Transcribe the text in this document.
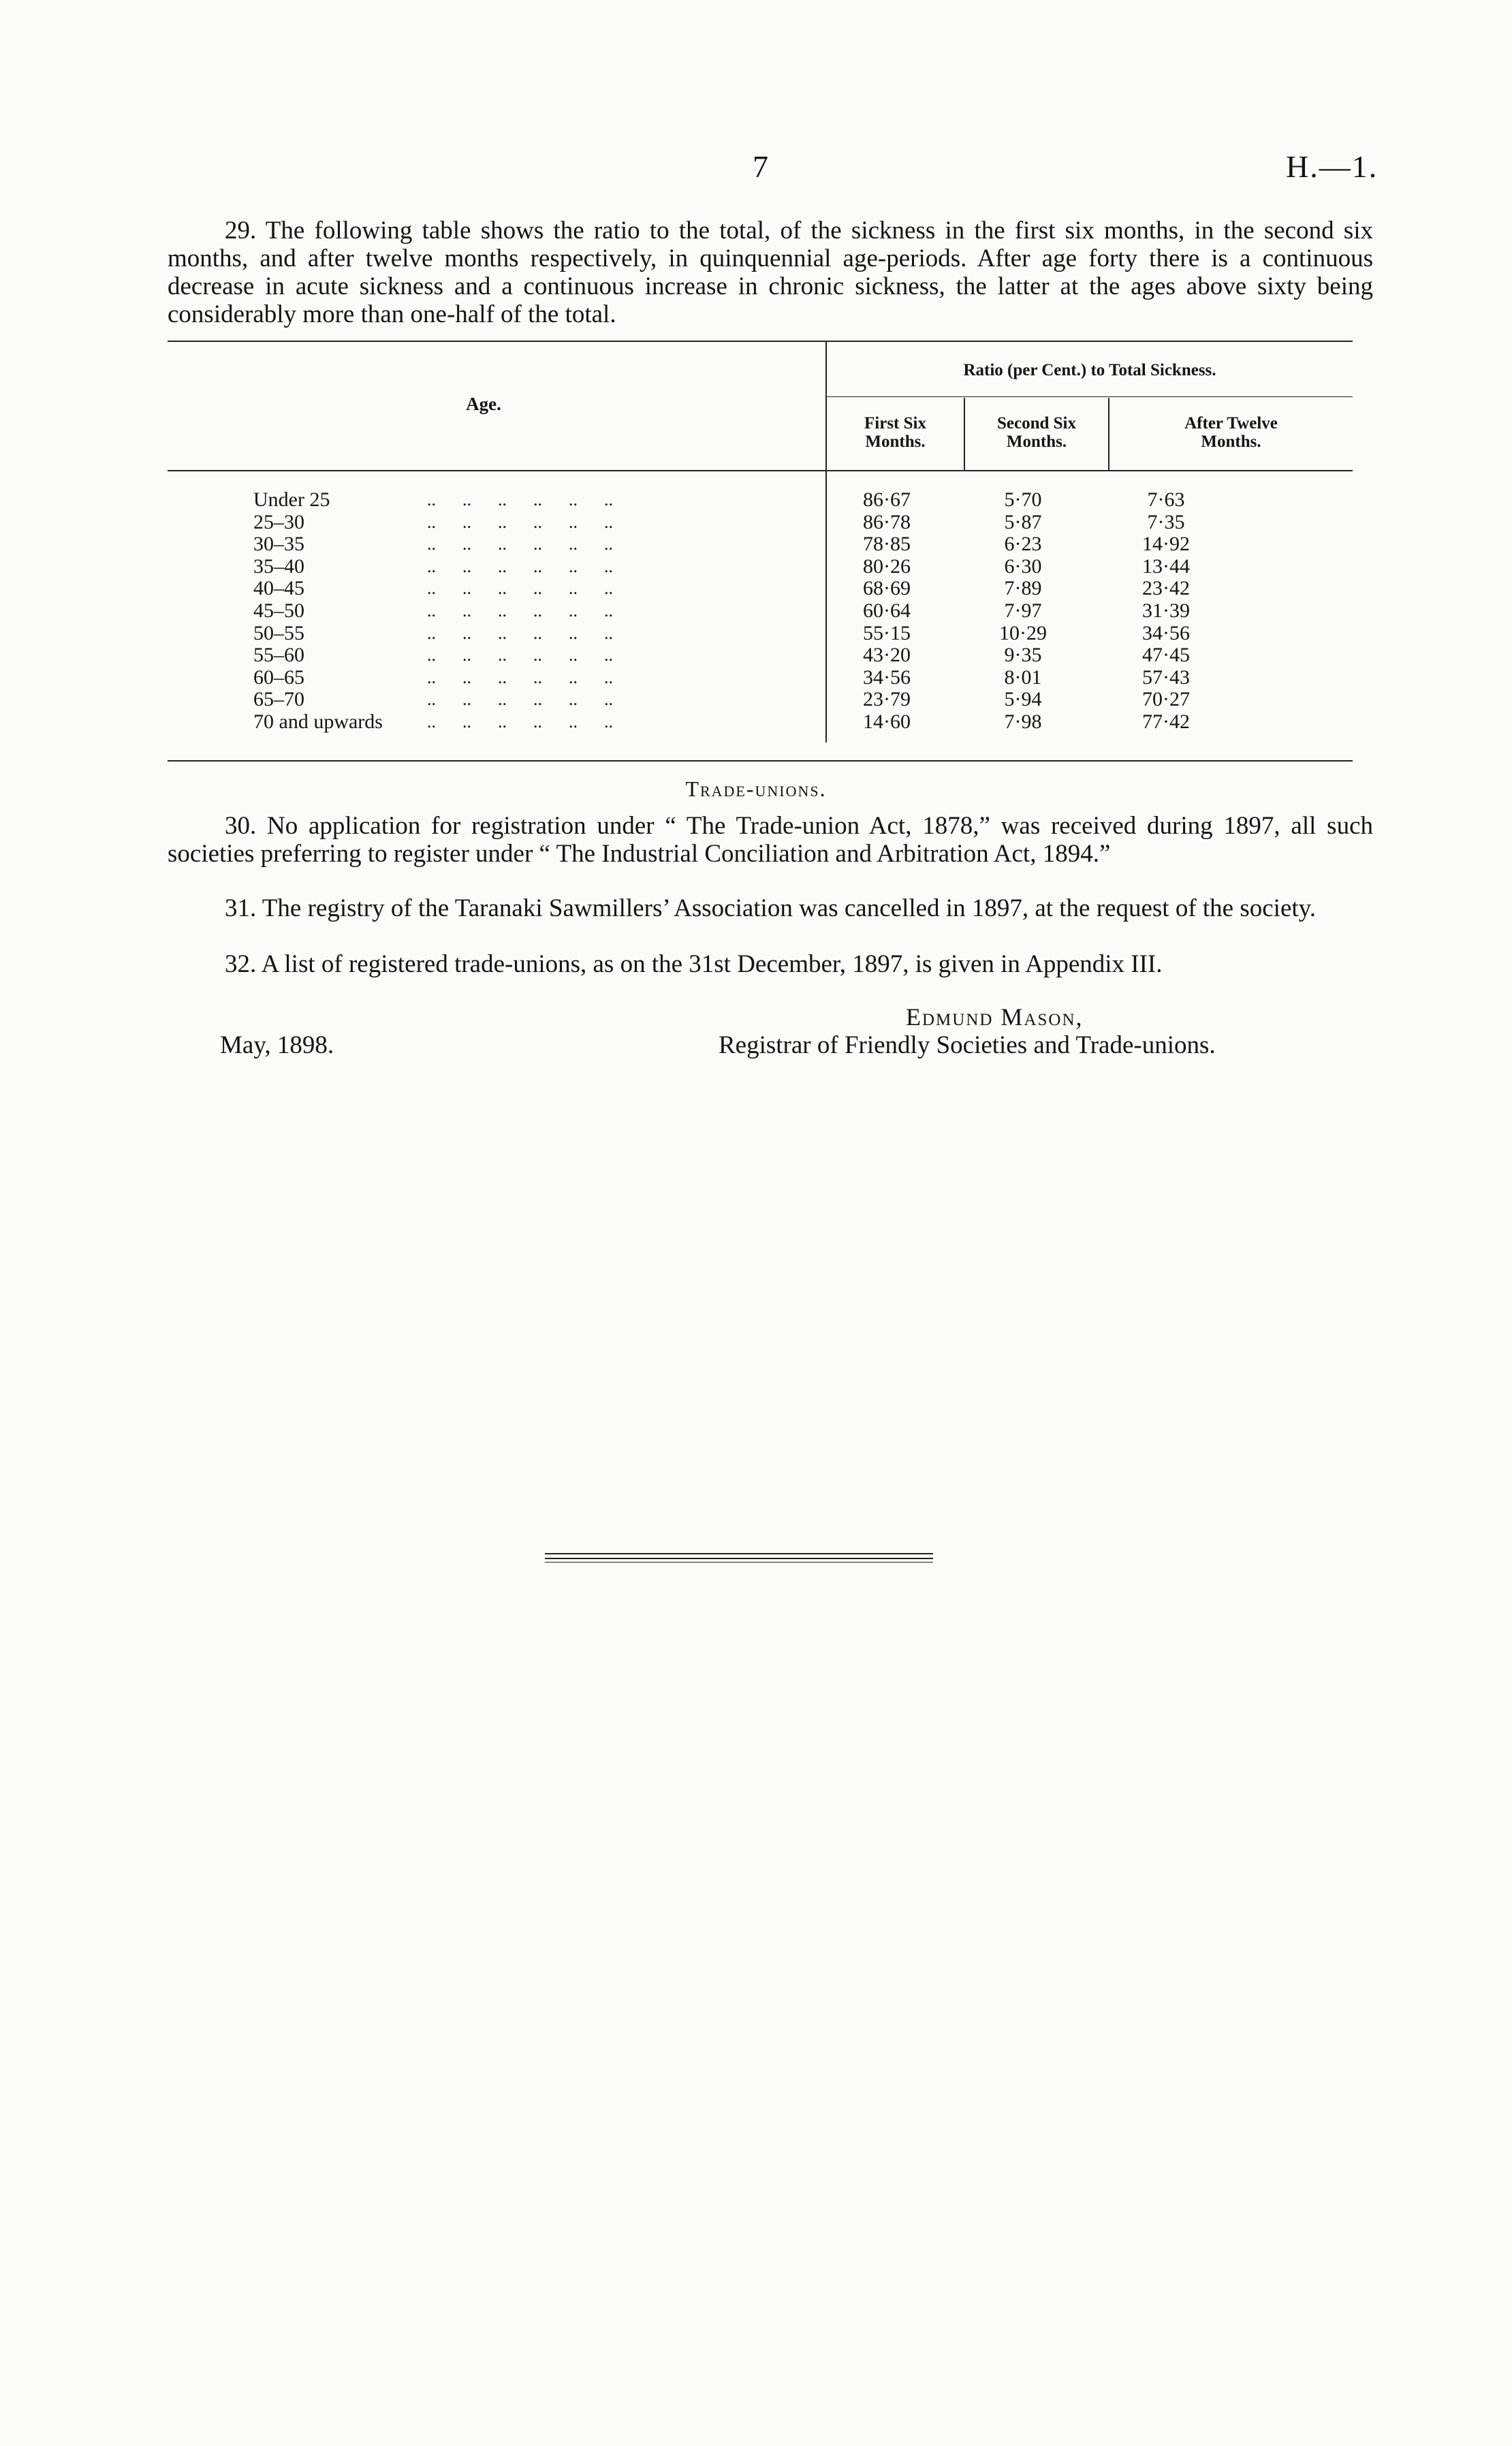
7	H.—1.
29. The following table shows the ratio to the total, of the sickness in the first six months, in the second six months, and after twelve months respectively, in quinquennial age-periods. After age forty there is a continuous decrease in acute sickness and a continuous increase in chronic sickness, the latter at the ages above sixty being considerably more than one-half of the total.
Age.
Ratio (per Cent.) to Total Sickness.
First Six
Months.
Second Six
Months.
After Twelve
Months.
Under 25	..      ..      ..      ..      ..      ..	86·67	5·70	7·63
25–30	..      ..      ..      ..      ..      ..	86·78	5·87	7·35
30–35	..      ..      ..      ..      ..      ..	78·85	6·23	14·92
35–40	..      ..      ..      ..      ..      ..	80·26	6·30	13·44
40–45	..      ..      ..      ..      ..      ..	68·69	7·89	23·42
45–50	..      ..      ..      ..      ..      ..	60·64	7·97	31·39
50–55	..      ..      ..      ..      ..      ..	55·15	10·29	34·56
55–60	..      ..      ..      ..      ..      ..	43·20	9·35	47·45
60–65	..      ..      ..      ..      ..      ..	34·56	8·01	57·43
65–70	..      ..      ..      ..      ..      ..	23·79	5·94	70·27
70 and upwards	..      ..      ..      ..      ..      ..	14·60	7·98	77·42
Trade-unions.
30. No application for registration under “ The Trade-union Act, 1878,” was received during 1897, all such societies preferring to register under “ The Industrial Conciliation and Arbitration Act, 1894.”
31. The registry of the Taranaki Sawmillers’ Association was cancelled in 1897, at the request of the society.
32. A list of registered trade-unions, as on the 31st December, 1897, is given in Appendix III.
Edmund Mason,
Registrar of Friendly Societies and Trade-unions.
May, 1898.
